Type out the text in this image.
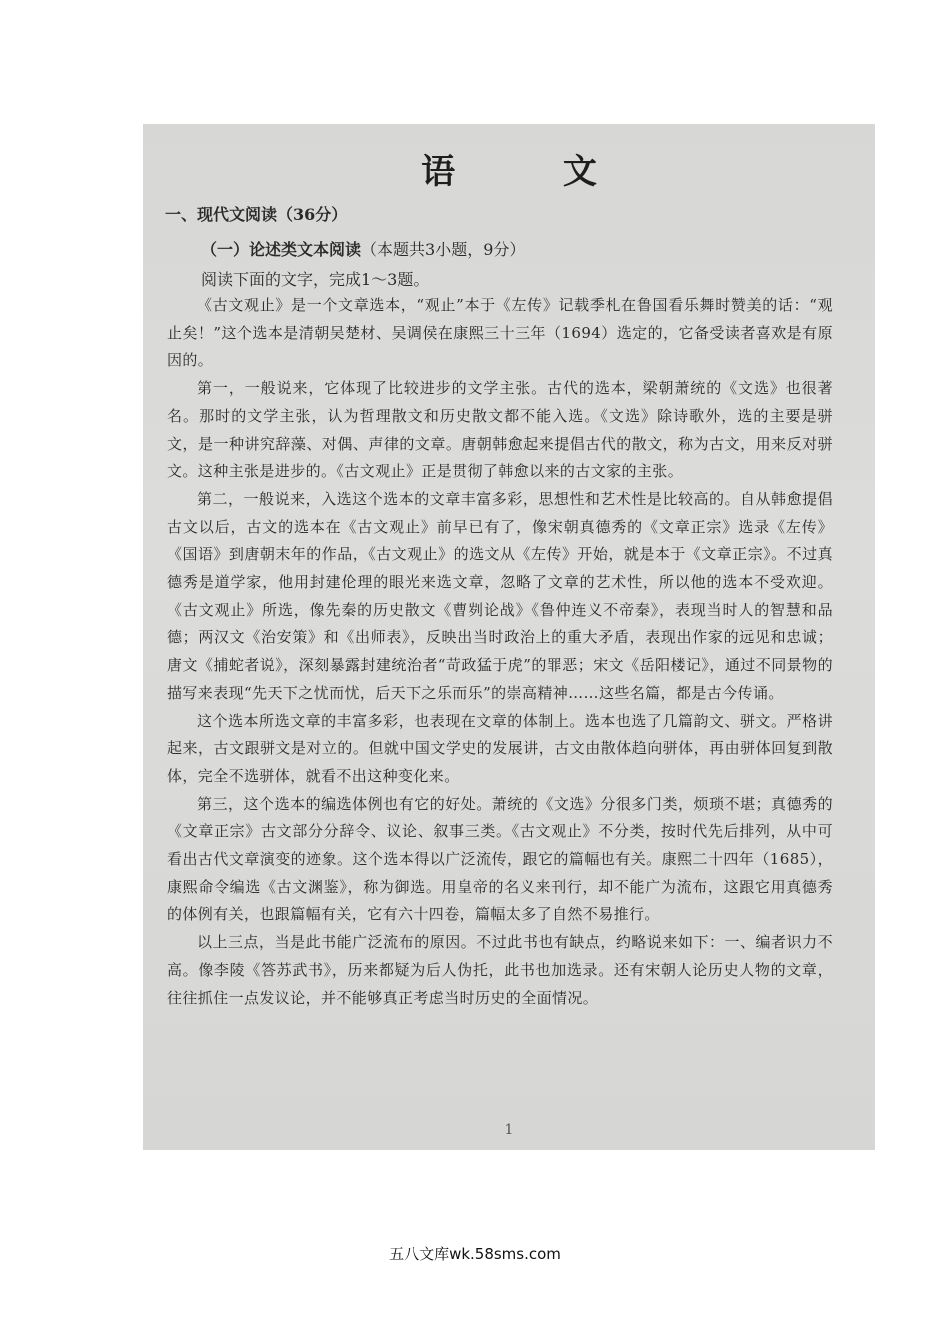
语 文
一、现代文阅读（36分）
（一）论述类文本阅读（本题共3小题，9分）
阅读下面的文字，完成1～3题。

《古文观止》是一个文章选本，“观止”本于《左传》记载季札在鲁国看乐舞时赞美的话：“观止矣！”这个选本是清朝吴楚材、吴调侯在康熙三十三年（1694）选定的，它备受读者喜欢是有原因的。

第一，一般说来，它体现了比较进步的文学主张。古代的选本，梁朝萧统的《文选》也很著名。那时的文学主张，认为哲理散文和历史散文都不能入选。《文选》除诗歌外，选的主要是骈文，是一种讲究辞藻、对偶、声律的文章。唐朝韩愈起来提倡古代的散文，称为古文，用来反对骈文。这种主张是进步的。《古文观止》正是贯彻了韩愈以来的古文家的主张。

第二，一般说来，入选这个选本的文章丰富多彩，思想性和艺术性是比较高的。自从韩愈提倡古文以后，古文的选本在《古文观止》前早已有了，像宋朝真德秀的《文章正宗》选录《左传》《国语》到唐朝末年的作品，《古文观止》的选文从《左传》开始，就是本于《文章正宗》。不过真德秀是道学家，他用封建伦理的眼光来选文章，忽略了文章的艺术性，所以他的选本不受欢迎。《古文观止》所选，像先秦的历史散文《曹刿论战》《鲁仲连义不帝秦》，表现当时人的智慧和品德；两汉文《治安策》和《出师表》，反映出当时政治上的重大矛盾，表现出作家的远见和忠诚；唐文《捕蛇者说》，深刻暴露封建统治者“苛政猛于虎”的罪恶；宋文《岳阳楼记》，通过不同景物的描写来表现“先天下之忧而忧，后天下之乐而乐”的崇高精神……这些名篇，都是古今传诵。

这个选本所选文章的丰富多彩，也表现在文章的体制上。选本也选了几篇韵文、骈文。严格讲起来，古文跟骈文是对立的。但就中国文学史的发展讲，古文由散体趋向骈体，再由骈体回复到散体，完全不选骈体，就看不出这种变化来。

第三，这个选本的编选体例也有它的好处。萧统的《文选》分很多门类，烦琐不堪；真德秀的《文章正宗》古文部分分辞令、议论、叙事三类。《古文观止》不分类，按时代先后排列，从中可看出古代文章演变的迹象。这个选本得以广泛流传，跟它的篇幅也有关。康熙二十四年（1685），康熙命令编选《古文渊鉴》，称为御选。用皇帝的名义来刊行，却不能广为流布，这跟它用真德秀的体例有关，也跟篇幅有关，它有六十四卷，篇幅太多了自然不易推行。

以上三点，当是此书能广泛流布的原因。不过此书也有缺点，约略说来如下：一、编者识力不高。像李陵《答苏武书》，历来都疑为后人伪托，此书也加选录。还有宋朝人论历史人物的文章，往往抓住一点发议论，并不能够真正考虑当时历史的全面情况。

1
五八文库wk.58sms.com
